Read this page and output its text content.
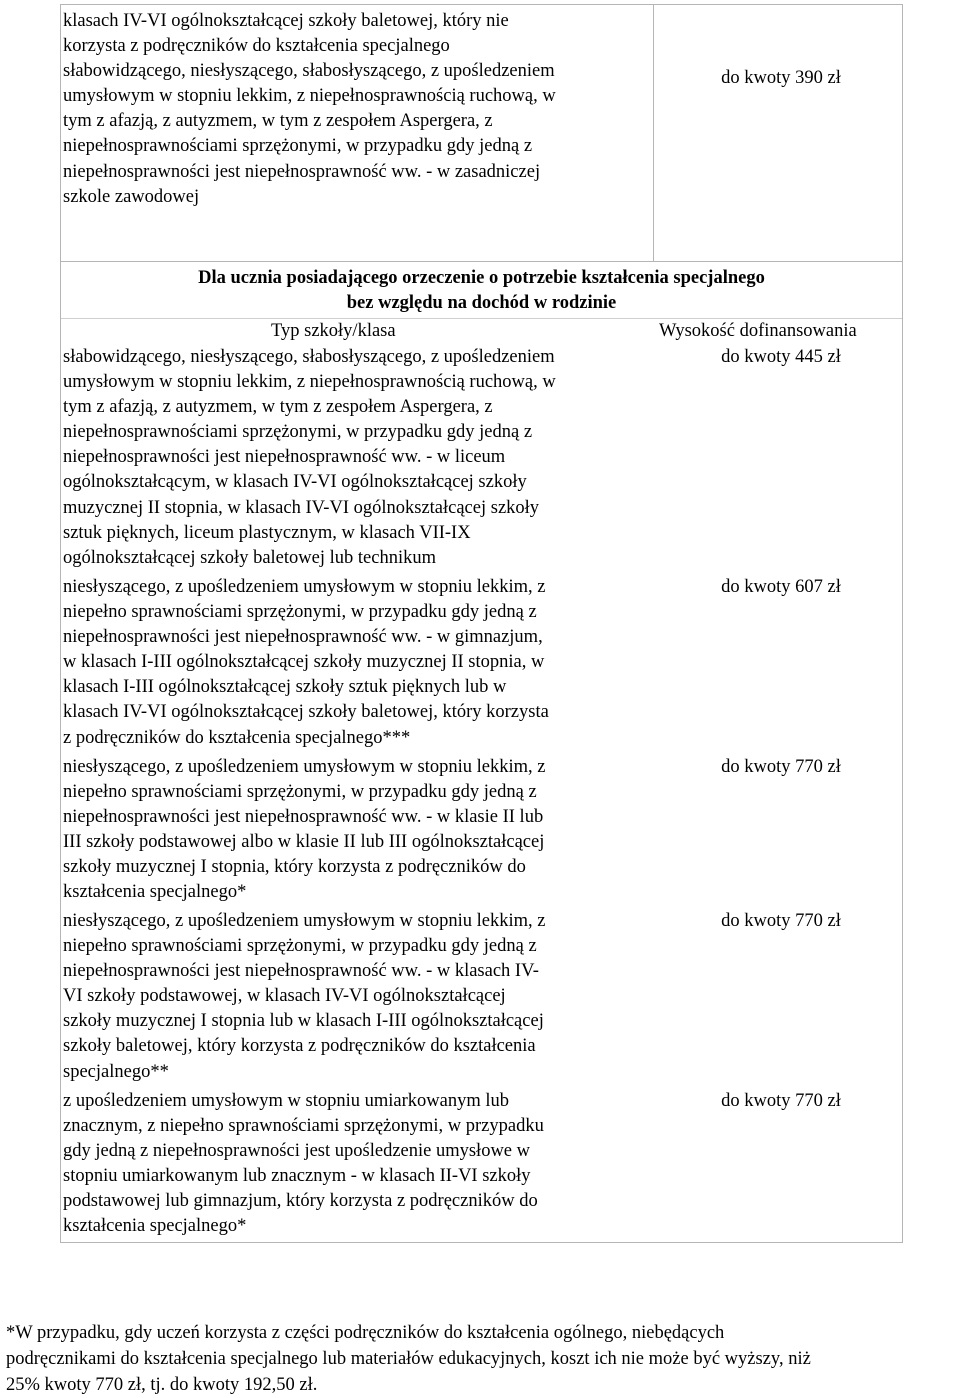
klasach IV-VI ogólnokształcącej szkoły baletowej, który nie
korzysta z podręczników do kształcenia specjalnego
słabowidzącego, niesłyszącego, słabosłyszącego, z upośledzeniem
umysłowym w stopniu lekkim, z niepełnosprawnością ruchową, w
tym z afazją, z autyzmem, w tym z zespołem Aspergera, z
niepełnosprawnościami sprzężonymi, w przypadku gdy jedną z
niepełnosprawności jest niepełnosprawność ww. - w zasadniczej
szkole zawodowej
do kwoty 390 zł
Dla ucznia posiadającego orzeczenie o potrzebie kształcenia specjalnego
bez względu na dochód w rodzinie
Typ szkoły/klasa	Wysokość dofinansowania
słabowidzącego, niesłyszącego, słabosłyszącego, z upośledzeniem
umysłowym w stopniu lekkim, z niepełnosprawnością ruchową, w
tym z afazją, z autyzmem, w tym z zespołem Aspergera, z
niepełnosprawnościami sprzężonymi, w przypadku gdy jedną z
niepełnosprawności jest niepełnosprawność ww. - w liceum
ogólnokształcącym, w klasach IV-VI ogólnokształcącej szkoły
muzycznej II stopnia, w klasach IV-VI ogólnokształcącej szkoły
sztuk pięknych, liceum plastycznym, w klasach VII-IX
ogólnokształcącej szkoły baletowej lub technikum
do kwoty 445 zł
niesłyszącego, z upośledzeniem umysłowym w stopniu lekkim, z
niepełno sprawnościami sprzężonymi, w przypadku gdy jedną z
niepełnosprawności jest niepełnosprawność ww. - w gimnazjum,
w klasach I-III ogólnokształcącej szkoły muzycznej II stopnia, w
klasach I-III ogólnokształcącej szkoły sztuk pięknych lub w
klasach IV-VI ogólnokształcącej szkoły baletowej, który korzysta
z podręczników do kształcenia specjalnego***
do kwoty 607 zł
niesłyszącego, z upośledzeniem umysłowym w stopniu lekkim, z
niepełno sprawnościami sprzężonymi, w przypadku gdy jedną z
niepełnosprawności jest niepełnosprawność ww. - w klasie II lub
III szkoły podstawowej albo w klasie II lub III ogólnokształcącej
szkoły muzycznej I stopnia, który korzysta z podręczników do
kształcenia specjalnego*
do kwoty 770 zł
niesłyszącego, z upośledzeniem umysłowym w stopniu lekkim, z
niepełno sprawnościami sprzężonymi, w przypadku gdy jedną z
niepełnosprawności jest niepełnosprawność ww. - w klasach IV-
VI szkoły podstawowej, w klasach IV-VI ogólnokształcącej
szkoły muzycznej I stopnia lub w klasach I-III ogólnokształcącej
szkoły baletowej, który korzysta z podręczników do kształcenia
specjalnego**
do kwoty 770 zł
z upośledzeniem umysłowym w stopniu umiarkowanym lub
znacznym, z niepełno sprawnościami sprzężonymi, w przypadku
gdy jedną z niepełnosprawności jest upośledzenie umysłowe w
stopniu umiarkowanym lub znacznym - w klasach II-VI szkoły
podstawowej lub gimnazjum, który korzysta z podręczników do
kształcenia specjalnego*
do kwoty 770 zł
*W przypadku, gdy uczeń korzysta z części podręczników do kształcenia ogólnego, niebędących
podręcznikami do kształcenia specjalnego lub materiałów edukacyjnych, koszt ich nie może być wyższy, niż
25% kwoty 770 zł, tj. do kwoty 192,50 zł.
